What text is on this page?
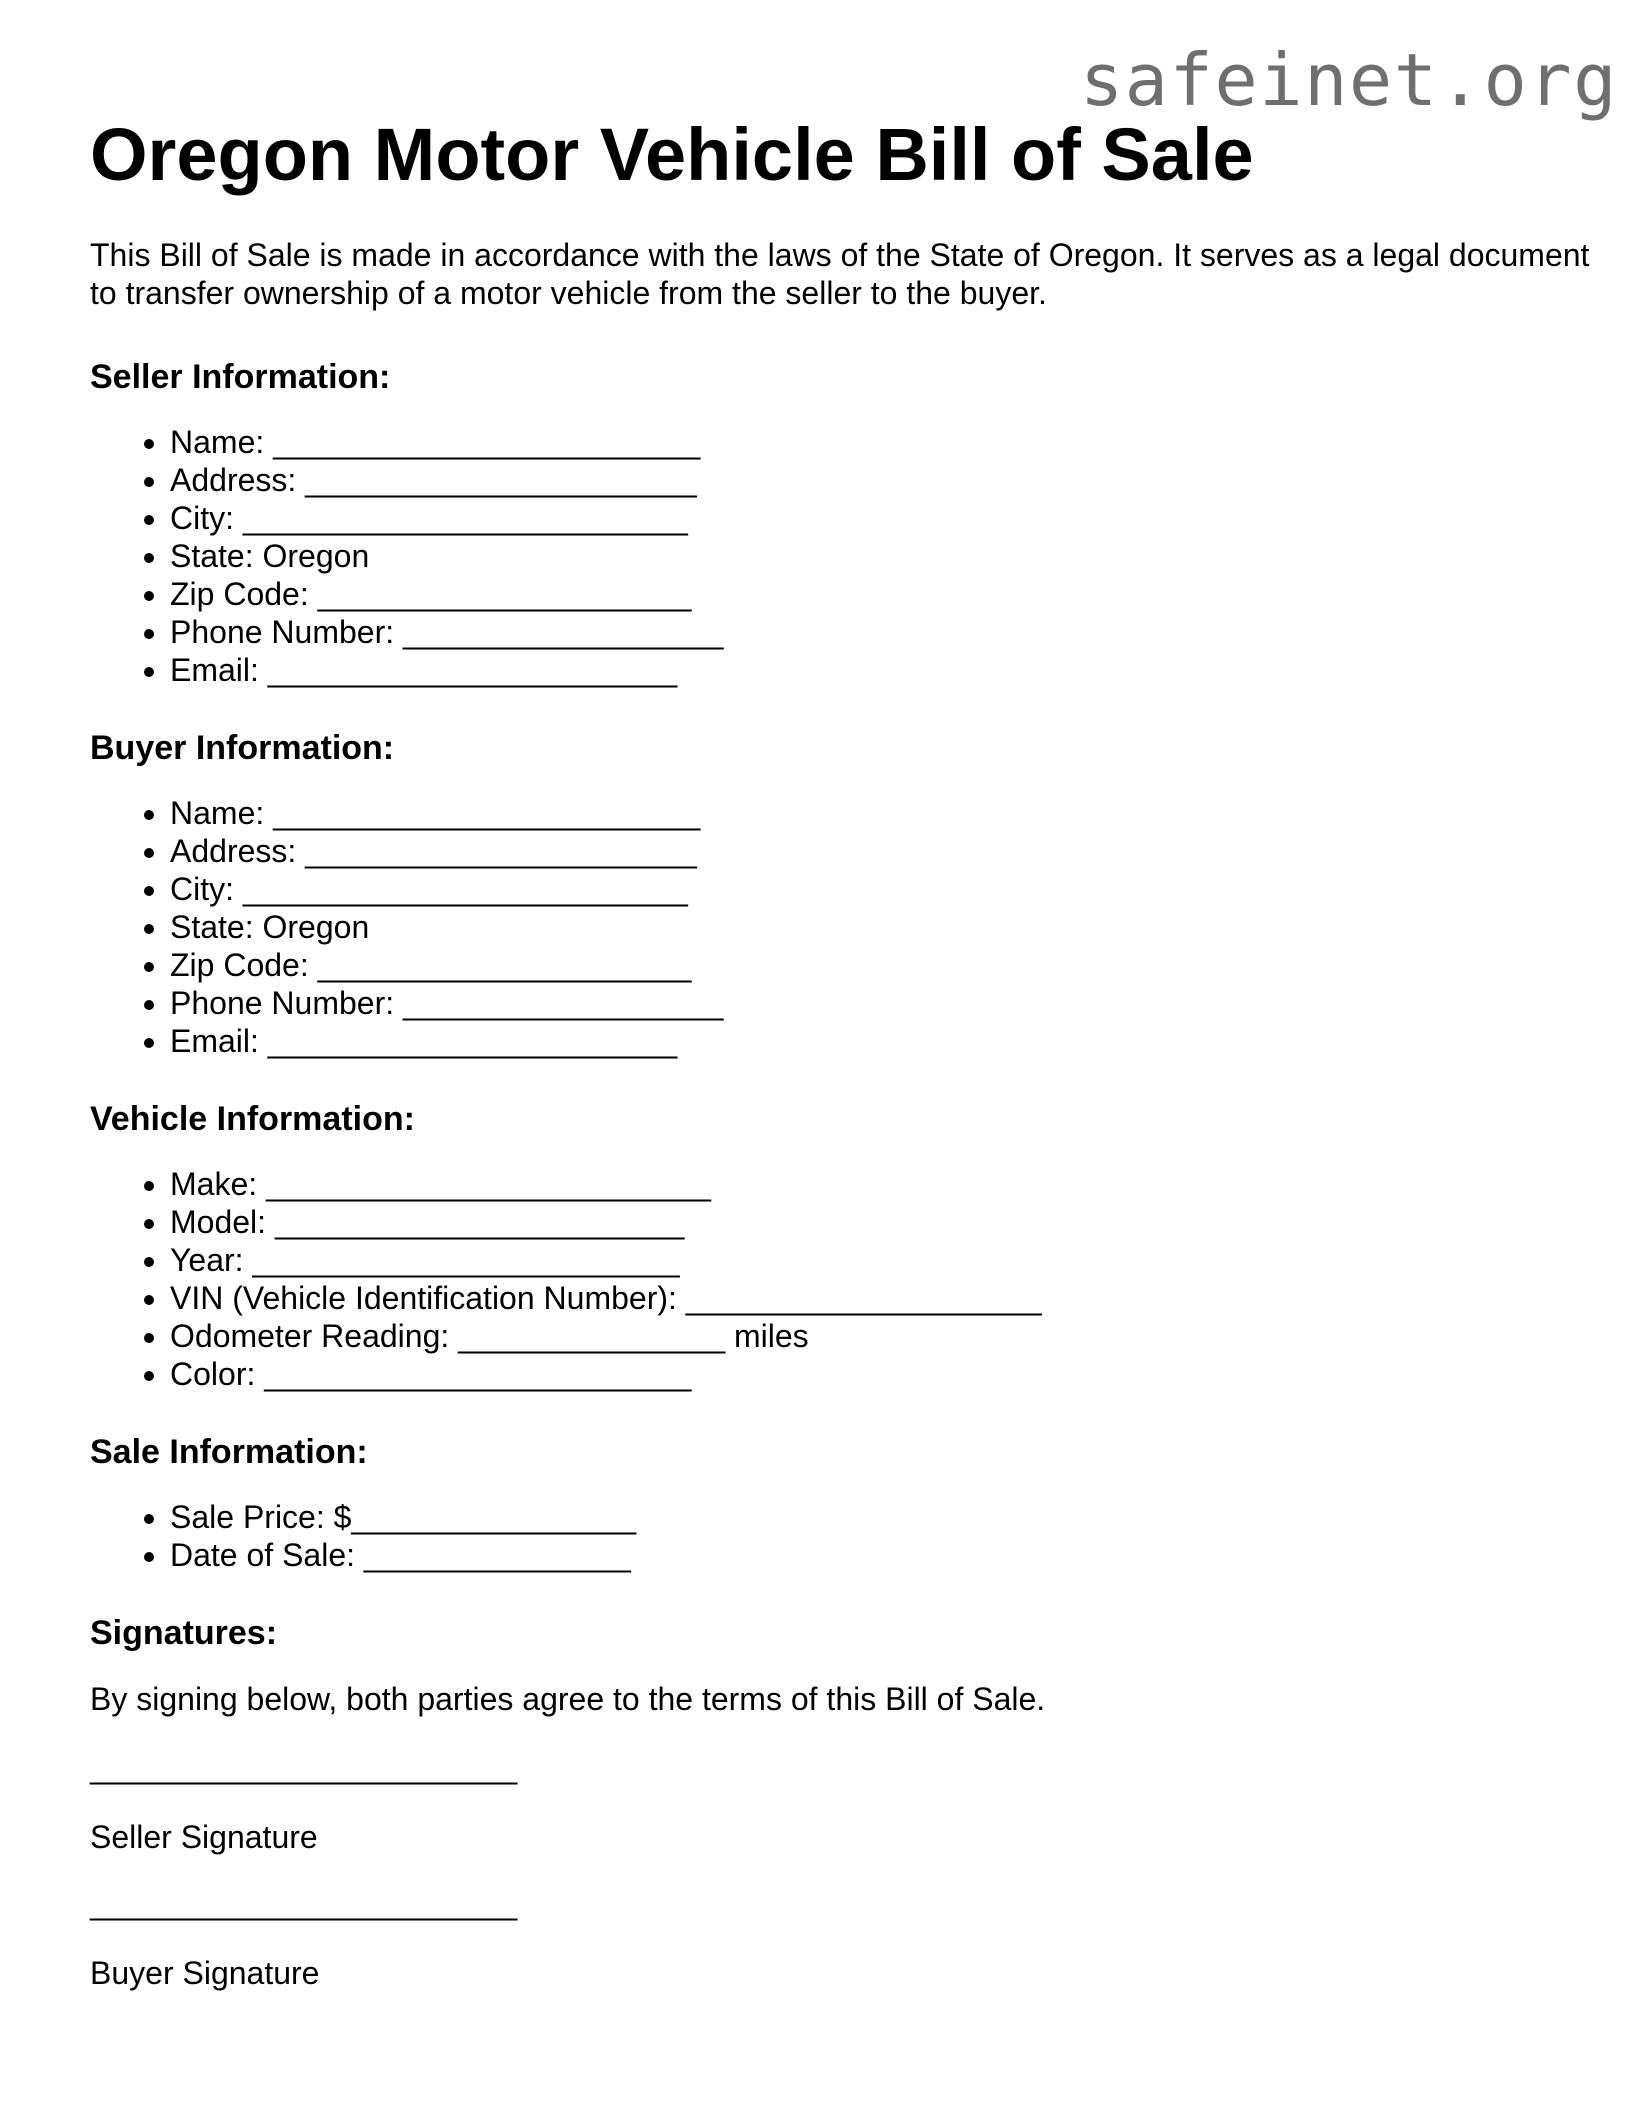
safeinet.org
Oregon Motor Vehicle Bill of Sale

This Bill of Sale is made in accordance with the laws of the State of Oregon. It serves as a legal document to transfer ownership of a motor vehicle from the seller to the buyer.

Seller Information:
• Name: ________________________
• Address: ______________________
• City: _________________________
• State: Oregon
• Zip Code: _____________________
• Phone Number: __________________
• Email: _______________________
Buyer Information:
• Name: ________________________
• Address: ______________________
• City: _________________________
• State: Oregon
• Zip Code: _____________________
• Phone Number: __________________
• Email: _______________________
Vehicle Information:
• Make: _________________________
• Model: _______________________
• Year: ________________________
• VIN (Vehicle Identification Number): ____________________
• Odometer Reading: _______________ miles
• Color: ________________________
Sale Information:
• Sale Price: $________________
• Date of Sale: _______________
Signatures:

By signing below, both parties agree to the terms of this Bill of Sale.

________________________
Seller Signature
________________________
Buyer Signature
